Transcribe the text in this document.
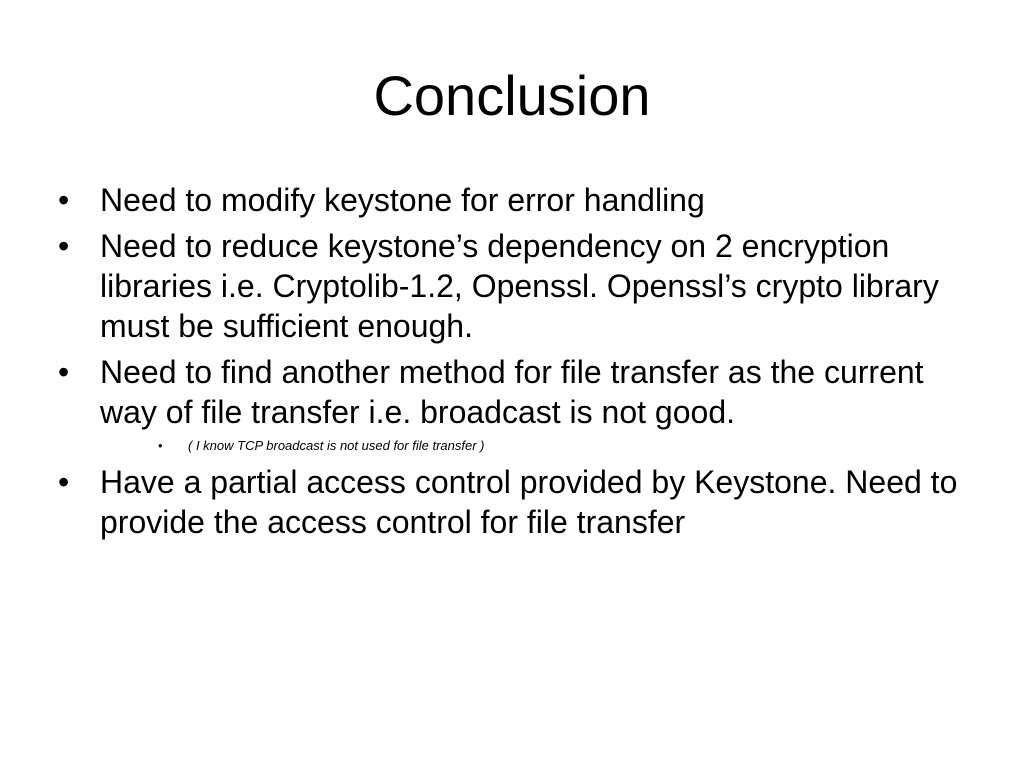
Conclusion
• Need to modify keystone for error handling
• Need to reduce keystone’s dependency on 2 encryption libraries i.e. Cryptolib-1.2, Openssl. Openssl’s crypto library must be sufficient enough.
• Need to find another method for file transfer as the current way of file transfer i.e. broadcast is not good.
• ( I know TCP broadcast is not used for file transfer )
• Have a partial access control provided by Keystone. Need to provide the access control for file transfer
